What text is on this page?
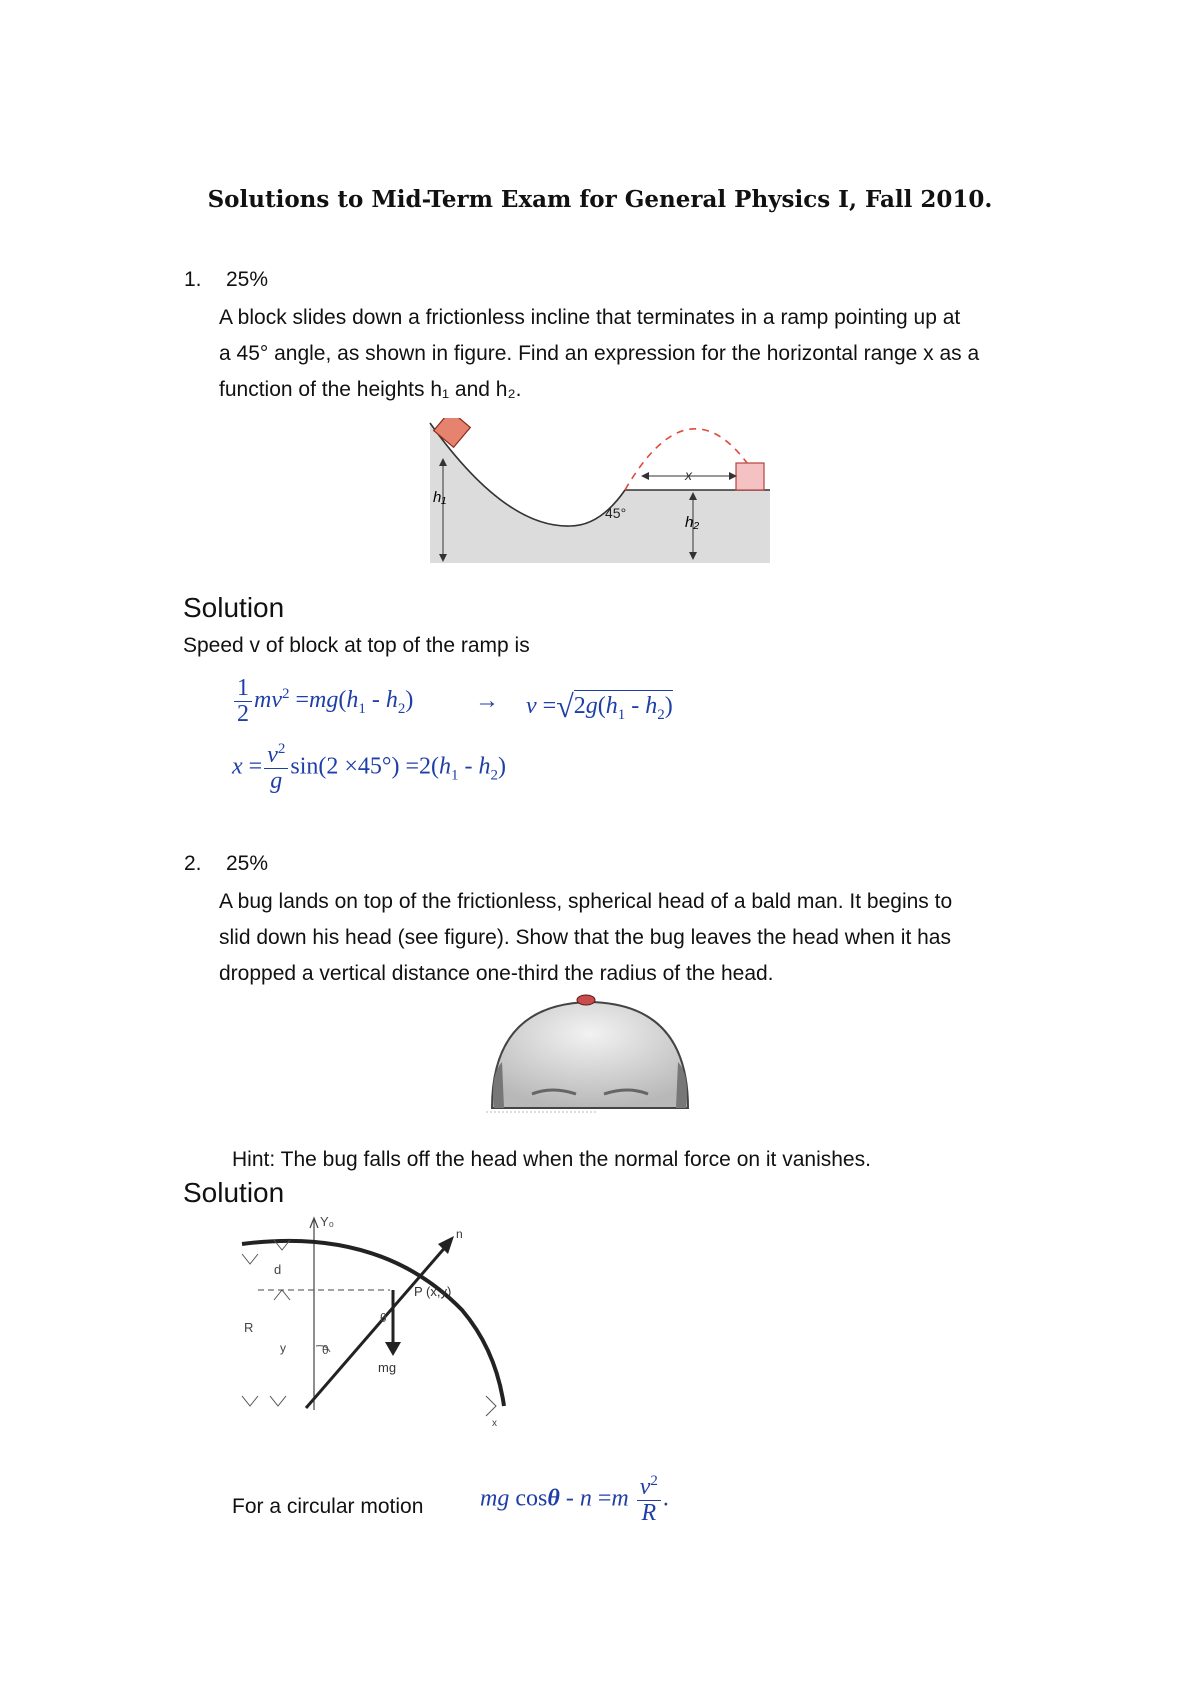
Solutions to Mid-Term Exam for General Physics I, Fall 2010.
1. 25%
A block slides down a frictionless incline that terminates in a ramp pointing up at
a 45° angle, as shown in figure. Find an expression for the horizontal range x as a
function of the heights h₁ and h₂.
h₁
h₂
x
45°
Solution
Speed v of block at top of the ramp is
$\frac{1}{2} mv^2 =mg(h_1 - h_2)$	→ $v =√2g(h_1 - h_2)$
$x = \frac{v^2}{g} \sin(2 \times 45^\circ) =2(h_1 - h_2)$
2. 25%
A bug lands on top of the frictionless, spherical head of a bald man. It begins to
slid down his head (see figure). Show that the bug leaves the head when it has
dropped a vertical distance one-third the radius of the head.
Hint: The bug falls off the head when the normal force on it vanishes.
Solution
Y₀
n
mg
P (x,y)
θ
θ
d
R
y
x
For a circular motion mg $\cos\theta - n =m \frac{v^2}{R}$ .
